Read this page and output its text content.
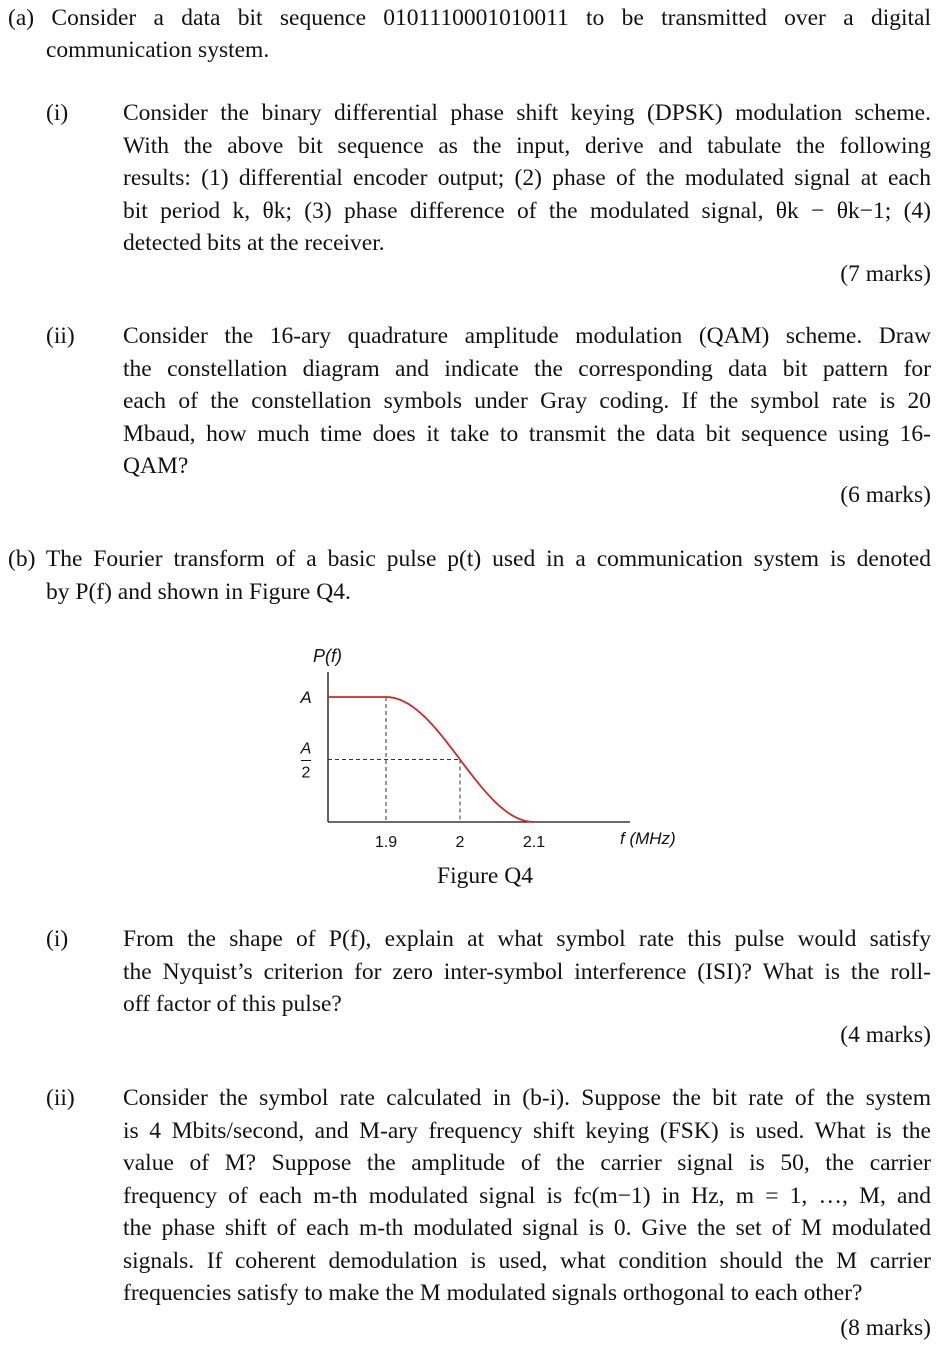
(a) Consider a data bit sequence 0101110001010011 to be transmitted over a digital
communication system.
(i) Consider the binary differential phase shift keying (DPSK) modulation scheme.
With the above bit sequence as the input, derive and tabulate the following
results: (1) differential encoder output; (2) phase of the modulated signal at each
bit period k, θk; (3) phase difference of the modulated signal, θk − θk−1; (4)
detected bits at the receiver.
(7 marks)
(ii) Consider the 16-ary quadrature amplitude modulation (QAM) scheme. Draw
the constellation diagram and indicate the corresponding data bit pattern for
each of the constellation symbols under Gray coding. If the symbol rate is 20
Mbaud, how much time does it take to transmit the data bit sequence using 16-
QAM?
(6 marks)
(b) The Fourier transform of a basic pulse p(t) used in a communication system is denoted
by P(f) and shown in Figure Q4.
P(f)
A
A
2
1.9	2	2.1	f (MHz)
Figure Q4
(i) From the shape of P(f), explain at what symbol rate this pulse would satisfy
the Nyquist’s criterion for zero inter-symbol interference (ISI)? What is the roll-
off factor of this pulse?
(4 marks)
(ii) Consider the symbol rate calculated in (b-i). Suppose the bit rate of the system
is 4 Mbits/second, and M-ary frequency shift keying (FSK) is used. What is the
value of M? Suppose the amplitude of the carrier signal is 50, the carrier
frequency of each m-th modulated signal is fc(m−1) in Hz, m = 1, …, M, and
the phase shift of each m-th modulated signal is 0. Give the set of M modulated
signals. If coherent demodulation is used, what condition should the M carrier
frequencies satisfy to make the M modulated signals orthogonal to each other?
(8 marks)
